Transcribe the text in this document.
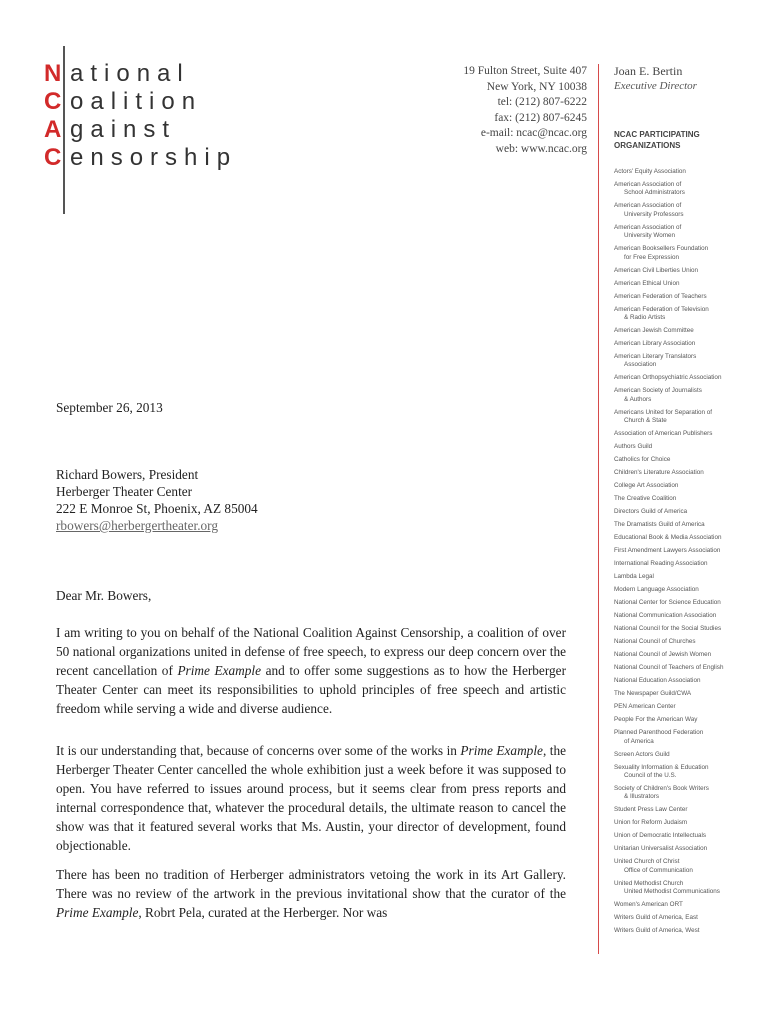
N ational
C oalition
A gainst
C ensorship
19 Fulton Street, Suite 407
New York, NY 10038
tel: (212) 807-6222
fax: (212) 807-6245
e-mail: ncac@ncac.org
web: www.ncac.org
Joan E. Bertin
Executive Director
NCAC PARTICIPATING ORGANIZATIONS
Actors' Equity Association
American Association of
School Administrators
American Association of
University Professors
American Association of
University Women
American Booksellers Foundation
for Free Expression
American Civil Liberties Union
American Ethical Union
American Federation of Teachers
American Federation of Television
& Radio Artists
American Jewish Committee
American Library Association
American Literary Translators
Association
American Orthopsychiatric Association
American Society of Journalists
& Authors
Americans United for Separation of
Church & State
Association of American Publishers
Authors Guild
Catholics for Choice
Children's Literature Association
College Art Association
The Creative Coalition
Directors Guild of America
The Dramatists Guild of America
Educational Book & Media Association
First Amendment Lawyers Association
International Reading Association
Lambda Legal
Modern Language Association
National Center for Science Education
National Communication Association
National Council for the Social Studies
National Council of Churches
National Council of Jewish Women
National Council of Teachers of English
National Education Association
The Newspaper Guild/CWA
PEN American Center
People For the American Way
Planned Parenthood Federation
of America
Screen Actors Guild
Sexuality Information & Education
Council of the U.S.
Society of Children's Book Writers
& Illustrators
Student Press Law Center
Union for Reform Judaism
Union of Democratic Intellectuals
Unitarian Universalist Association
United Church of Christ
Office of Communication
United Methodist Church
United Methodist Communications
Women's American ORT
Writers Guild of America, East
Writers Guild of America, West
September 26, 2013
Richard Bowers, President
Herberger Theater Center
222 E Monroe St, Phoenix, AZ 85004
rbowers@herbergertheater.org
Dear Mr. Bowers,
I am writing to you on behalf of the National Coalition Against Censorship, a coalition of over 50 national organizations united in defense of free speech, to express our deep concern over the recent cancellation of Prime Example and to offer some suggestions as to how the Herberger Theater Center can meet its responsibilities to uphold principles of free speech and artistic freedom while serving a wide and diverse audience.
It is our understanding that, because of concerns over some of the works in Prime Example, the Herberger Theater Center cancelled the whole exhibition just a week before it was supposed to open. You have referred to issues around process, but it seems clear from press reports and internal correspondence that, whatever the procedural details, the ultimate reason to cancel the show was that it featured several works that Ms. Austin, your director of development, found objectionable.
There has been no tradition of Herberger administrators vetoing the work in its Art Gallery. There was no review of the artwork in the previous invitational show that the curator of the Prime Example, Robrt Pela, curated at the Herberger. Nor was
